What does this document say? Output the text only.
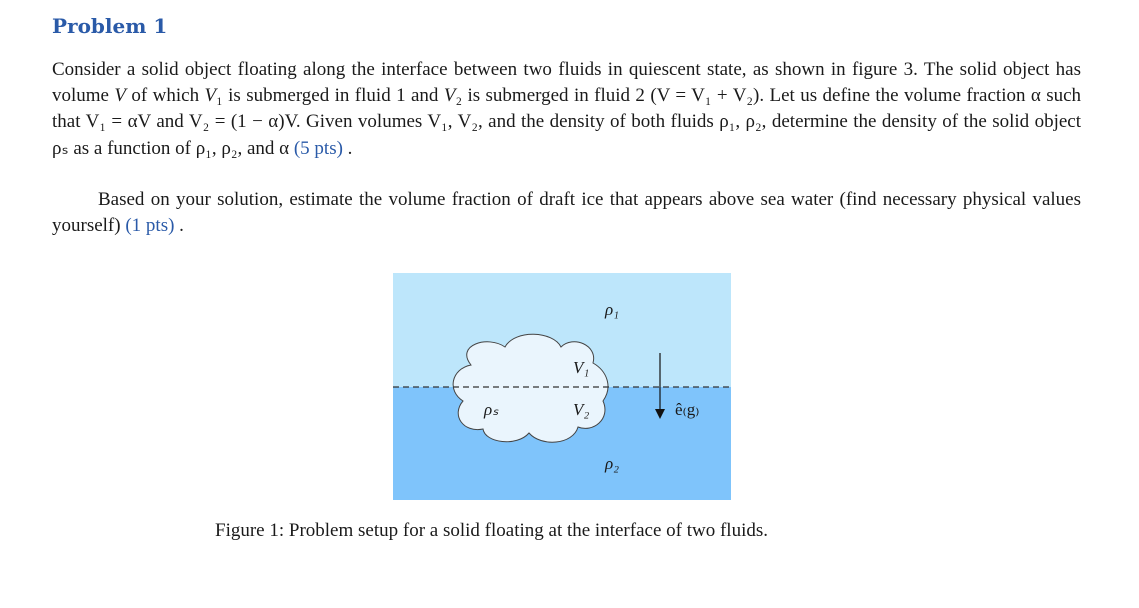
Problem 1

Consider a solid object floating along the interface between two fluids in quiescent state, as shown in figure 3. The solid object has volume V of which V₁ is submerged in fluid 1 and V₂ is submerged in fluid 2 (V = V₁ + V₂). Let us define the volume fraction α such that V₁ = αV and V₂ = (1 − α)V. Given volumes V₁, V₂, and the density of both fluids ρ₁, ρ₂, determine the density of the solid object ρₛ as a function of ρ₁, ρ₂, and α (5 pts) .

Based on your solution, estimate the volume fraction of draft ice that appears above sea water (find necessary physical values yourself) (1 pts) .

ρ₁
ρ₂
ρₛ
V₁
V₂	ê₍g₎
Figure 1: Problem setup for a solid floating at the interface of two fluids.
